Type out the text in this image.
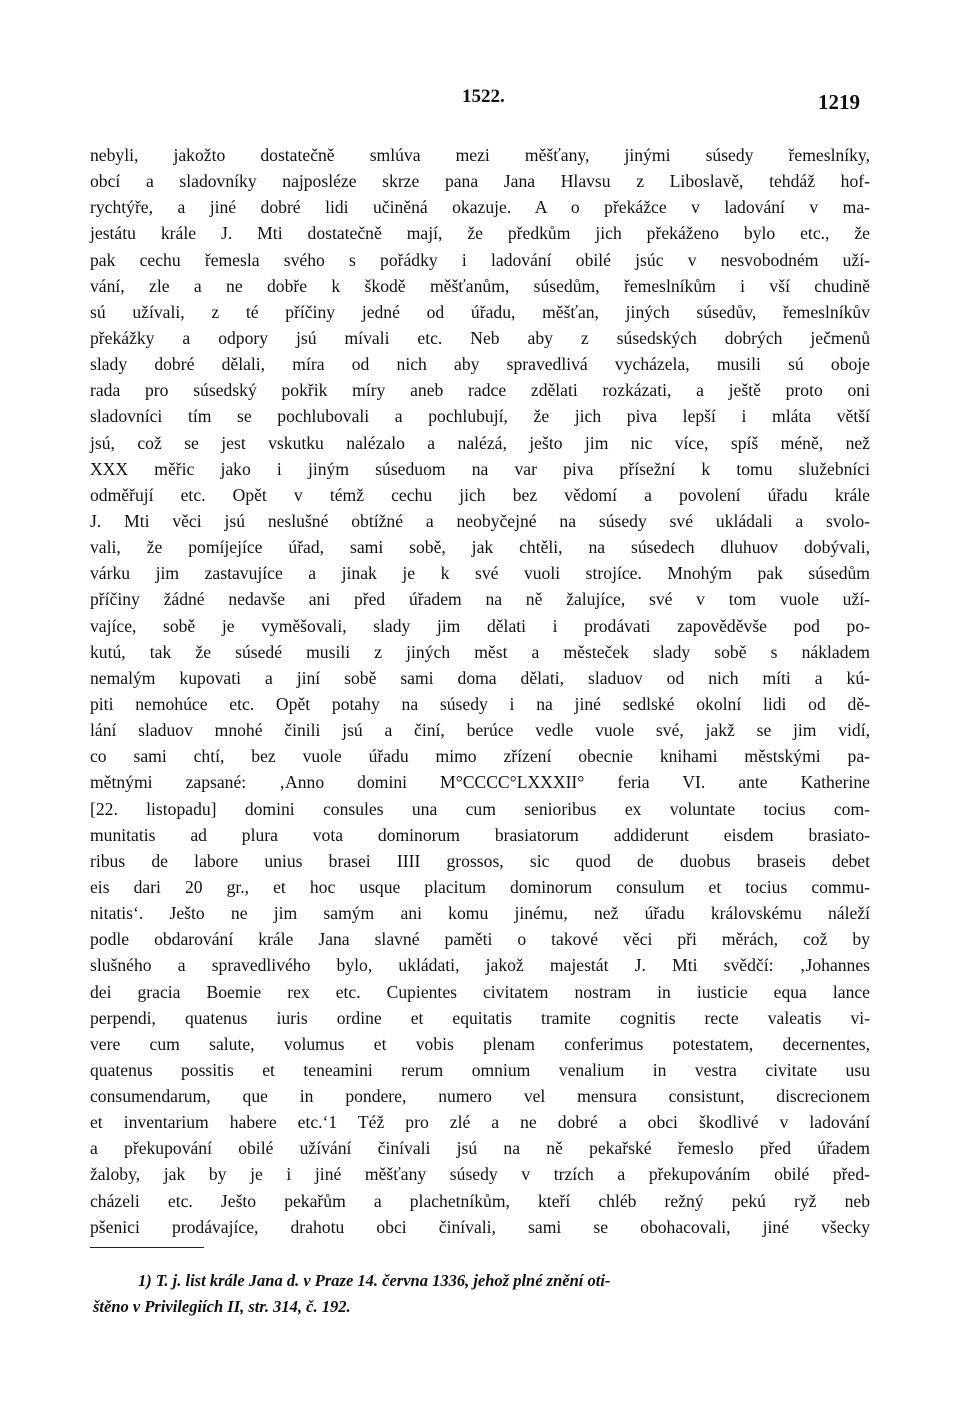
1522.	1219
nebyli, jakožto dostatečně smlúva mezi měšťany, jinými súsedy řemeslníky,
obcí a sladovníky najposléze skrze pana Jana Hlavsu z Liboslavě, tehdáž hof-
rychtýře, a jiné dobré lidi učiněná okazuje. A o překážce v ladování v ma-
jestátu krále J. Mti dostatečně mají, že předkům jich překáženo bylo etc., že
pak cechu řemesla svého s pořádky i ladování obilé jsúc v nesvobodném uží-
vání, zle a ne dobře k škodě měšťanům, súsedům, řemeslníkům i vší chudině
sú užívali, z té příčiny jedné od úřadu, měšťan, jiných súsedův, řemeslníkův
překážky a odpory jsú mívali etc. Neb aby z súsedských dobrých ječmenů
slady dobré dělali, míra od nich aby spravedlivá vycházela, musili sú oboje
rada pro súsedský pokřik míry aneb radce zdělati rozkázati, a ještě proto oni
sladovníci tím se pochlubovali a pochlubují, že jich piva lepší i mláta větší
jsú, což se jest vskutku nalézalo a nalézá, ješto jim nic více, spíš méně, než
XXX měřic jako i jiným súseduom na var piva přísežní k tomu služebníci
odměřují etc. Opět v témž cechu jich bez vědomí a povolení úřadu krále
J. Mti věci jsú neslušné obtížné a neobyčejné na súsedy své ukládali a svolo-
vali, že pomíjejíce úřad, sami sobě, jak chtěli, na súsedech dluhuov dobývali,
várku jim zastavujíce a jinak je k své vuoli strojíce. Mnohým pak súsedům
příčiny žádné nedavše ani před úřadem na ně žalujíce, své v tom vuole uží-
vajíce, sobě je vyměšovali, slady jim dělati i prodávati zapověděvše pod po-
kutú, tak že súsedé musili z jiných měst a městeček slady sobě s nákladem
nemalým kupovati a jiní sobě sami doma dělati, sladuov od nich míti a kú-
piti nemohúce etc. Opět potahy na súsedy i na jiné sedlské okolní lidi od dě-
lání sladuov mnohé činili jsú a činí, berúce vedle vuole své, jakž se jim vidí,
co sami chtí, bez vuole úřadu mimo zřízení obecnie knihami městskými pa-
mětnými zapsané: ‚Anno domini M°CCCC°LXXXII° feria VI. ante Katherine
[22. listopadu] domini consules una cum senioribus ex voluntate tocius com-
munitatis ad plura vota dominorum brasiatorum addiderunt eisdem brasiato-
ribus de labore unius brasei IIII grossos, sic quod de duobus braseis debet
eis dari 20 gr., et hoc usque placitum dominorum consulum et tocius commu-
nitatis‘. Ješto ne jim samým ani komu jinému, než úřadu královskému náleží
podle obdarování krále Jana slavné paměti o takové věci při měrách, což by
slušného a spravedlivého bylo, ukládati, jakož majestát J. Mti svědčí: ‚Johannes
dei gracia Boemie rex etc. Cupientes civitatem nostram in iusticie equa lance
perpendi, quatenus iuris ordine et equitatis tramite cognitis recte valeatis vi-
vere cum salute, volumus et vobis plenam conferimus potestatem, decernentes,
quatenus possitis et teneamini rerum omnium venalium in vestra civitate usu
consumendarum, que in pondere, numero vel mensura consistunt, discrecionem
et inventarium habere etc.‘1 Též pro zlé a ne dobré a obci škodlivé v ladování
a překupování obilé užívání činívali jsú na ně pekařské řemeslo před úřadem
žaloby, jak by je i jiné měšťany súsedy v trzích a překupováním obilé před-
cházeli etc. Ješto pekařům a plachetníkům, kteří chléb režný pekú ryž neb
pšenici prodávajíce, drahotu obci činívali, sami se obohacovali, jiné všecky
1) T. j. list krále Jana d. v Praze 14. června 1336, jehož plné znění oti-
štěno v Privilegiích II, str. 314, č. 192.
